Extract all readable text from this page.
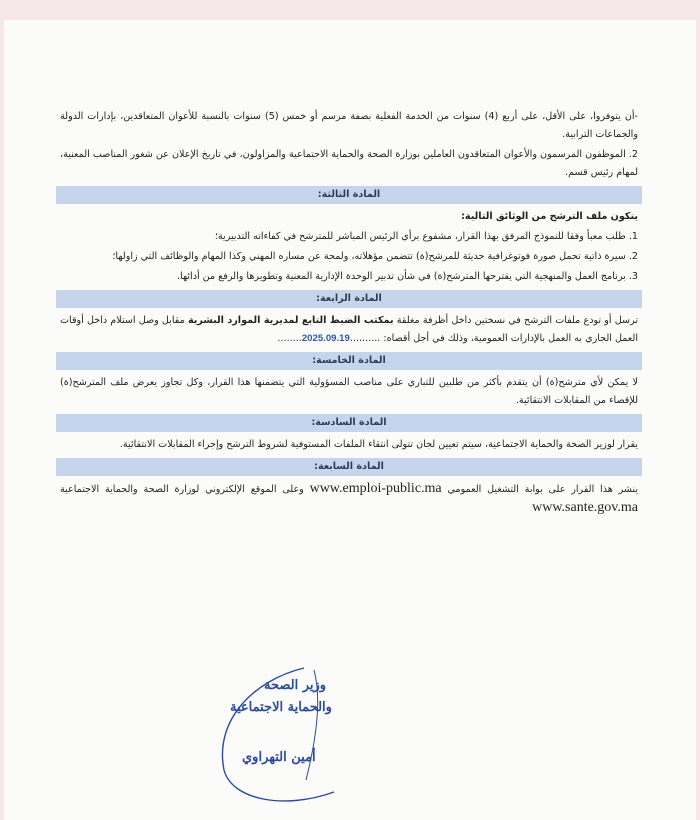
-أن يتوفروا، على الأقل، على أربع (4) سنوات من الخدمة الفعلية بصفة مرسم أو خمس (5) سنوات بالنسبة للأعوان المتعاقدين، بإدارات الدولة والجماعات الترابية.

2. الموظفون المرسمون والأعوان المتعاقدون العاملين بوزارة الصحة والحماية الاجتماعية والمزاولون، في تاريخ الإعلان عن شغور المناصب المعنية، لمهام رئيس قسم.

المادة الثالثة:

يتكون ملف الترشح من الوثائق التالية:

1. طلب معبأ وفقا للنموذج المرفق بهذا القرار، مشفوع برأي الرئيس المباشر للمترشح في كفاءاته التدبيرية؛

2. سيرة ذاتية تحمل صورة فوتوغرافية حديثة للمرشح(ة) تتضمن مؤهلاته، ولمحة عن مساره المهني وكذا المهام والوظائف التي زاولها؛

3. برنامج العمل والمنهجية التي يقترحها المترشح(ة) في شأن تدبير الوحدة الإدارية المعنية وتطويرها والرفع من أدائها.

المادة الرابعة:

ترسل أو تودع ملفات الترشح في نسختين داخل أظرفة مغلقة بمكتب الضبط التابع لمديرية الموارد البشرية مقابل وصل استلام داخل أوقات العمل الجاري به العمل بالإدارات العمومية، وذلك في أجل أقصاه: ..........2025.09.19........

المادة الخامسة:

لا يمكن لأي مترشح(ة) أن يتقدم بأكثر من طلبين للتباري على مناصب المسؤولية التي يتضمنها هذا القرار، وكل تجاوز يعرض ملف المترشح(ة) للإقصاء من المقابلات الانتقائية.

المادة السادسة:

يقرار لوزير الصحة والحماية الاجتماعية، سيتم تعيين لجان تتولى انتقاء الملفات المستوفية لشروط الترشح وإجراء المقابلات الانتقائية.

المادة السابعة:

ينشر هذا القرار على بوابة التشغيل العمومي www.emploi-public.ma وعلى الموقع الإلكتروني لوزارة الصحة والحماية الاجتماعية www.sante.gov.ma

وزير الصحة
والحماية الاجتماعية
أمين التهراوي
